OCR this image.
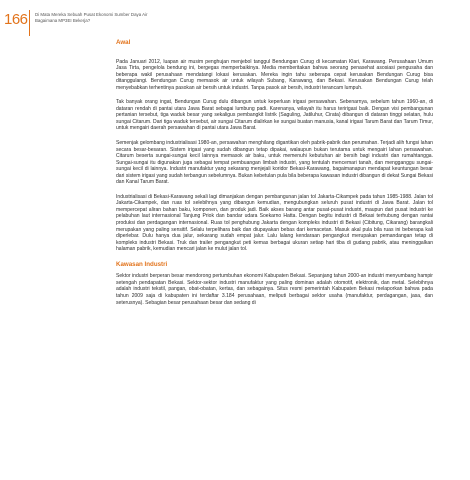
166 Di Mata Mereka Sebuah Pusat Ekonomi Sumber Daya Air
Bagaimana MP3EI Bekerja?
Awal

Pada Januari 2012, luapan air musim penghujan menjebol tanggul Bendungan Curug di kecamatan Klari, Karawang. Perusahaan Umum Jasa Tirta, pengelola bendung ini, bergegas memperbaikinya. Media memberitakan bahwa seorang penasehat asosiasi pengusaha dan beberapa wakil perusahaan mendatangi lokasi kerusakan. Mereka ingin tahu seberapa cepat kerusakan Bendungan Curug bisa ditanggulangi. Bendungan Curug memasok air untuk wilayah Subang, Karawang, dan Bekasi. Kerusakan Bendungan Curug telah menyebabkan terhentinya pasokan air bersih untuk industri. Tanpa pasok air bersih, industri terancam lumpuh.

Tak banyak orang ingat, Bendungan Curug dulu dibangun untuk keperluan irigasi persawahan. Sebenarnya, sebelum tahun 1960-an, di dataran rendah di pantai utara Jawa Barat sebagai lumbung padi. Karenanya, wilayah itu harus teririgasi baik. Dengan visi pembangunan pertanian tersebut, tiga waduk besar yang sekaligus pembangkit listrik (Saguling, Jatiluhur, Cirata) dibangun di dataran tinggi selatan, hulu sungai Citarum. Dari tiga waduk tersebut, air sungai Citarum dialirkan ke sungai buatan manusia, kanal irigasi Tarum Barat dan Tarum Timur, untuk mengairi daerah persawahan di pantai utara Jawa Barat.

Semenjak gelombang industrialisasi 1980-an, persawahan menghilang digantikan oleh pabrik-pabrik dan perumahan. Terjadi alih fungsi lahan secara besar-besaran. Sistem irigasi yang sudah dibangun tetap dipakai, walaupun bukan terutama untuk mengairi lahan persawahan. Citarum beserta sungai-sungai kecil lainnya memasok air baku, untuk memenuhi kebutuhan air bersih bagi industri dan rumahtangga. Sungai-sungai itu digunakan juga sebagai tempat pembuangan limbah industri, yang tentulah mencemari tanah, dan mengganggu sungai-sungai kecil di lainnya. Industri manufaktur yang sekarang menjejali koridor Bekasi-Karawang, bagaimanapun mendapat keuntungan besar dari sistem irigasi yang sudah terbangun sebelumnya. Bukan kebetulan pula bila beberapa kawasan industri dibangun di dekat Sungai Bekasi dan Kanal Tarum Barat.

Industrialisasi di Bekasi-Karawang sekali lagi dimanjakan dengan pembangunan jalan tol Jakarta-Cikampek pada tahun 1985-1988. Jalan tol Jakarta-Cikampek, dan ruas tol selebihnya yang dibangun kemudian, mengubungkan seluruh pusat industri di Jawa Barat. Jalan tol mempercepat aliran bahan baku, komponen, dan produk jadi. Baik akses barang antar pusat-pusat industri, maupun dari pusat industri ke pelabuhan laut internasional Tanjung Priok dan bandar udara Soekarno Hatta. Dengan begitu industri di Bekasi terhubung dengan rantai produksi dan perdagangan internasional. Ruas tol penghubung Jakarta dengan kompleks industri di Bekasi (Cibitung, Cikarang) barangkali merupakan yang paling sensitif. Selalu terpelihara baik dan diupayakan bebas dari kemacetan. Masuk akal pula bila ruas ini beberapa kali diperlebar. Dulu hanya dua jalur, sekarang sudah empat jalur. Lalu lalang kendaraan pengangkut merupakan pemandangan tetap di kompleks industri Bekasi. Truk dan trailer pengangkut peti kemas berbagai ukuran setiap hari tiba di gudang pabrik, atau meninggalkan halaman pabrik, kemudian mencari jalan ke mulut jalan tol.

Kawasan Industri

Sektor industri berperan besar mendorong pertumbuhan ekonomi Kabupaten Bekasi. Sepanjang tahun 2000-an industri menyumbang hampir setengah pendapatan Bekasi. Sektor-sektor industri manufaktur yang paling dominan adalah otomotif, elektronik, dan metal. Selebihnya adalah industri tekstil, pangan, obat-obatan, kertas, dan sebagainya. Situs resmi pemerintah Kabupaten Bekasi melaporkan bahwa pada tahun 2009 saja di kabupaten ini terdaftar 3.184 perusahaan, meliputi berbagai sektor usaha (manufaktur, perdagangan, jasa, dan seterusnya). Sebagian besar perusahaan besar dan sedang di
